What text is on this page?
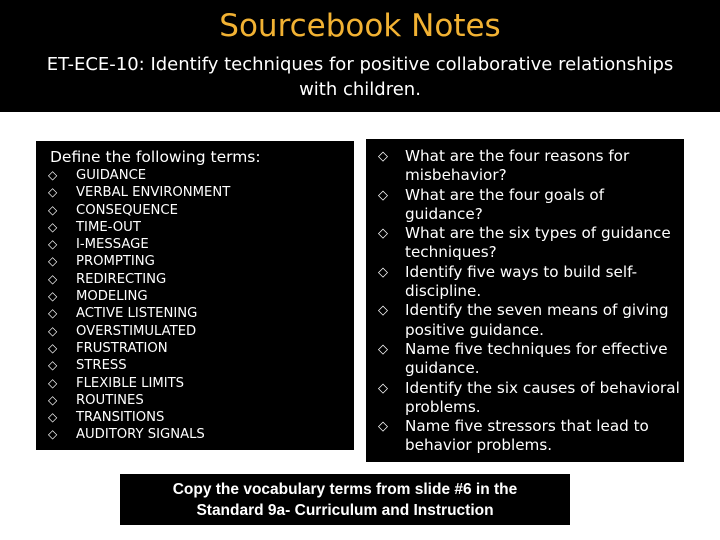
Sourcebook Notes
ET-ECE-10: Identify techniques for positive collaborative relationships with children.
Define the following terms:
◇	GUIDANCE
◇	VERBAL ENVIRONMENT
◇	CONSEQUENCE
◇	TIME-OUT
◇	I-MESSAGE
◇	PROMPTING
◇	REDIRECTING
◇	MODELING
◇	ACTIVE LISTENING
◇	OVERSTIMULATED
◇	FRUSTRATION
◇	STRESS
◇	FLEXIBLE LIMITS
◇	ROUTINES
◇	TRANSITIONS
◇	AUDITORY SIGNALS
◇ What are the four reasons for misbehavior?
◇ What are the four goals of guidance?
◇ What are the six types of guidance techniques?
◇ Identify five ways to build self-discipline.
◇ Identify the seven means of giving positive guidance.
◇ Name five techniques for effective guidance.
◇ Identify the six causes of behavioral problems.
◇ Name five stressors that lead to behavior problems.
Copy the vocabulary terms from slide #6 in the
Standard 9a- Curriculum and Instruction
